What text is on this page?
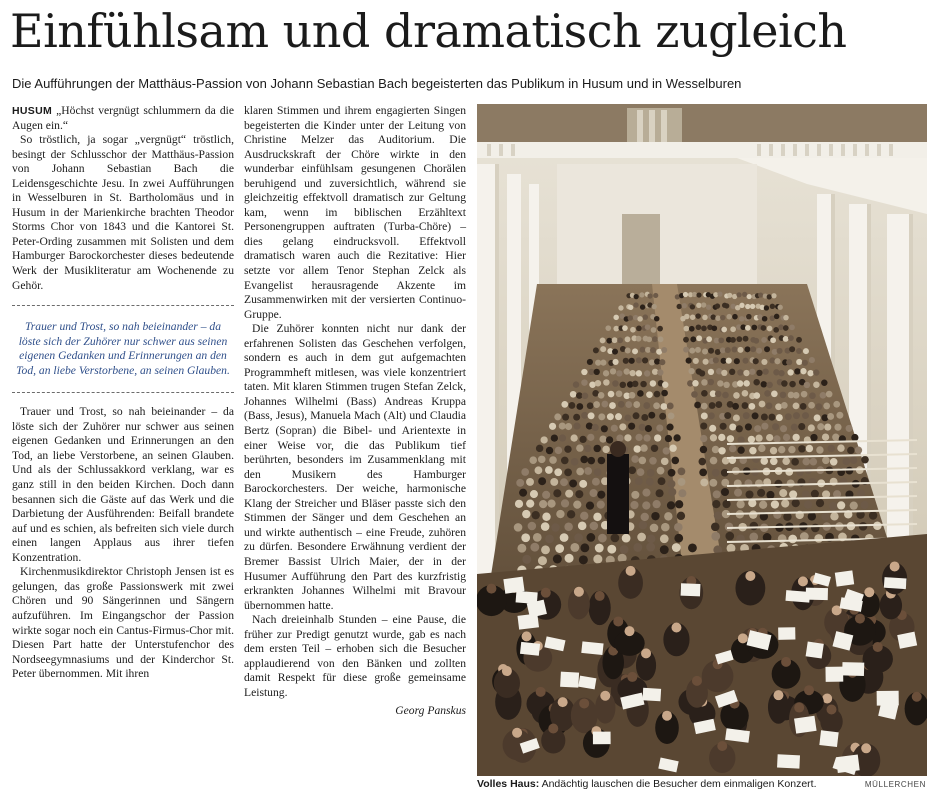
Einfühlsam und dramatisch zugleich
Die Aufführungen der Matthäus-Passion von Johann Sebastian Bach begeisterten das Publikum in Husum und in Wesselburen

HUSUM „Höchst vergnügt schlummern da die Augen ein.“

So tröstlich, ja sogar „vergnügt“ tröstlich, besingt der Schlusschor der Matthäus-Passion von Johann Sebastian Bach die Leidensgeschichte Jesu. In zwei Aufführungen in Wesselburen in St. Bartholomäus und in Husum in der Marienkirche brachten Theodor Storms Chor von 1843 und die Kantorei St. Peter-Ording zusammen mit Solisten und dem Hamburger Barockorchester dieses bedeutende Werk der Musikliteratur am Wochenende zu Gehör.

Trauer und Trost, so nah beieinander – da löste sich der Zuhörer nur schwer aus seinen eigenen Gedanken und Erinnerungen an den Tod, an liebe Verstorbene, an seinen Glauben.

Trauer und Trost, so nah beieinander – da löste sich der Zuhörer nur schwer aus seinen eigenen Gedanken und Erinnerungen an den Tod, an liebe Verstorbene, an seinen Glauben. Und als der Schlussakkord verklang, war es ganz still in den beiden Kirchen. Doch dann besannen sich die Gäste auf das Werk und die Darbietung der Ausführenden: Beifall brandete auf und es schien, als befreiten sich viele durch einen langen Applaus aus ihrer tiefen Konzentration.

Kirchenmusikdirektor Christoph Jensen ist es gelungen, das große Passionswerk mit zwei Chören und 90 Sängerinnen und Sängern aufzuführen. Im Eingangschor der Passion wirkte sogar noch ein Cantus-Firmus-Chor mit. Diesen Part hatte der Unterstufenchor des Nordseegymnasiums und der Kinderchor St. Peter übernommen. Mit ihren

klaren Stimmen und ihrem engagierten Singen begeisterten die Kinder unter der Leitung von Christine Melzer das Auditorium. Die Ausdruckskraft der Chöre wirkte in den wunderbar einfühlsam gesungenen Chorälen beruhigend und zuversichtlich, während sie gleichzeitig effektvoll dramatisch zur Geltung kam, wenn im biblischen Erzähltext Personengruppen auftraten (Turba-Chöre) – dies gelang eindrucksvoll. Effektvoll dramatisch waren auch die Rezitative: Hier setzte vor allem Tenor Stephan Zelck als Evangelist herausragende Akzente im Zusammenwirken mit der versierten Continuo-Gruppe.

Die Zuhörer konnten nicht nur dank der erfahrenen Solisten das Geschehen verfolgen, sondern es auch in dem gut aufgemachten Programmheft mitlesen, was viele konzentriert taten. Mit klaren Stimmen trugen Stefan Zelck, Johannes Wilhelmi (Bass) Andreas Kruppa (Bass, Jesus), Manuela Mach (Alt) und Claudia Bertz (Sopran) die Bibel- und Arientexte in einer Weise vor, die das Publikum tief berührten, besonders im Zusammenklang mit den Musikern des Hamburger Barockorchesters. Der weiche, harmonische Klang der Streicher und Bläser passte sich den Stimmen der Sänger und dem Geschehen an und wirkte authentisch – eine Freude, zuhören zu dürfen. Besondere Erwähnung verdient der Bremer Bassist Ulrich Maier, der in der Husumer Aufführung den Part des kurzfristig erkrankten Johannes Wilhelmi mit Bravour übernommen hatte.

Nach dreieinhalb Stunden – eine Pause, die früher zur Predigt genutzt wurde, gab es nach dem ersten Teil – erhoben sich die Besucher applaudierend von den Bänken und zollten damit Respekt für diese große gemeinsame Leistung.

Georg Panskus
Volles Haus: Andächtig lauschen die Besucher dem einmaligen Konzert.	MÜLLERCHEN
